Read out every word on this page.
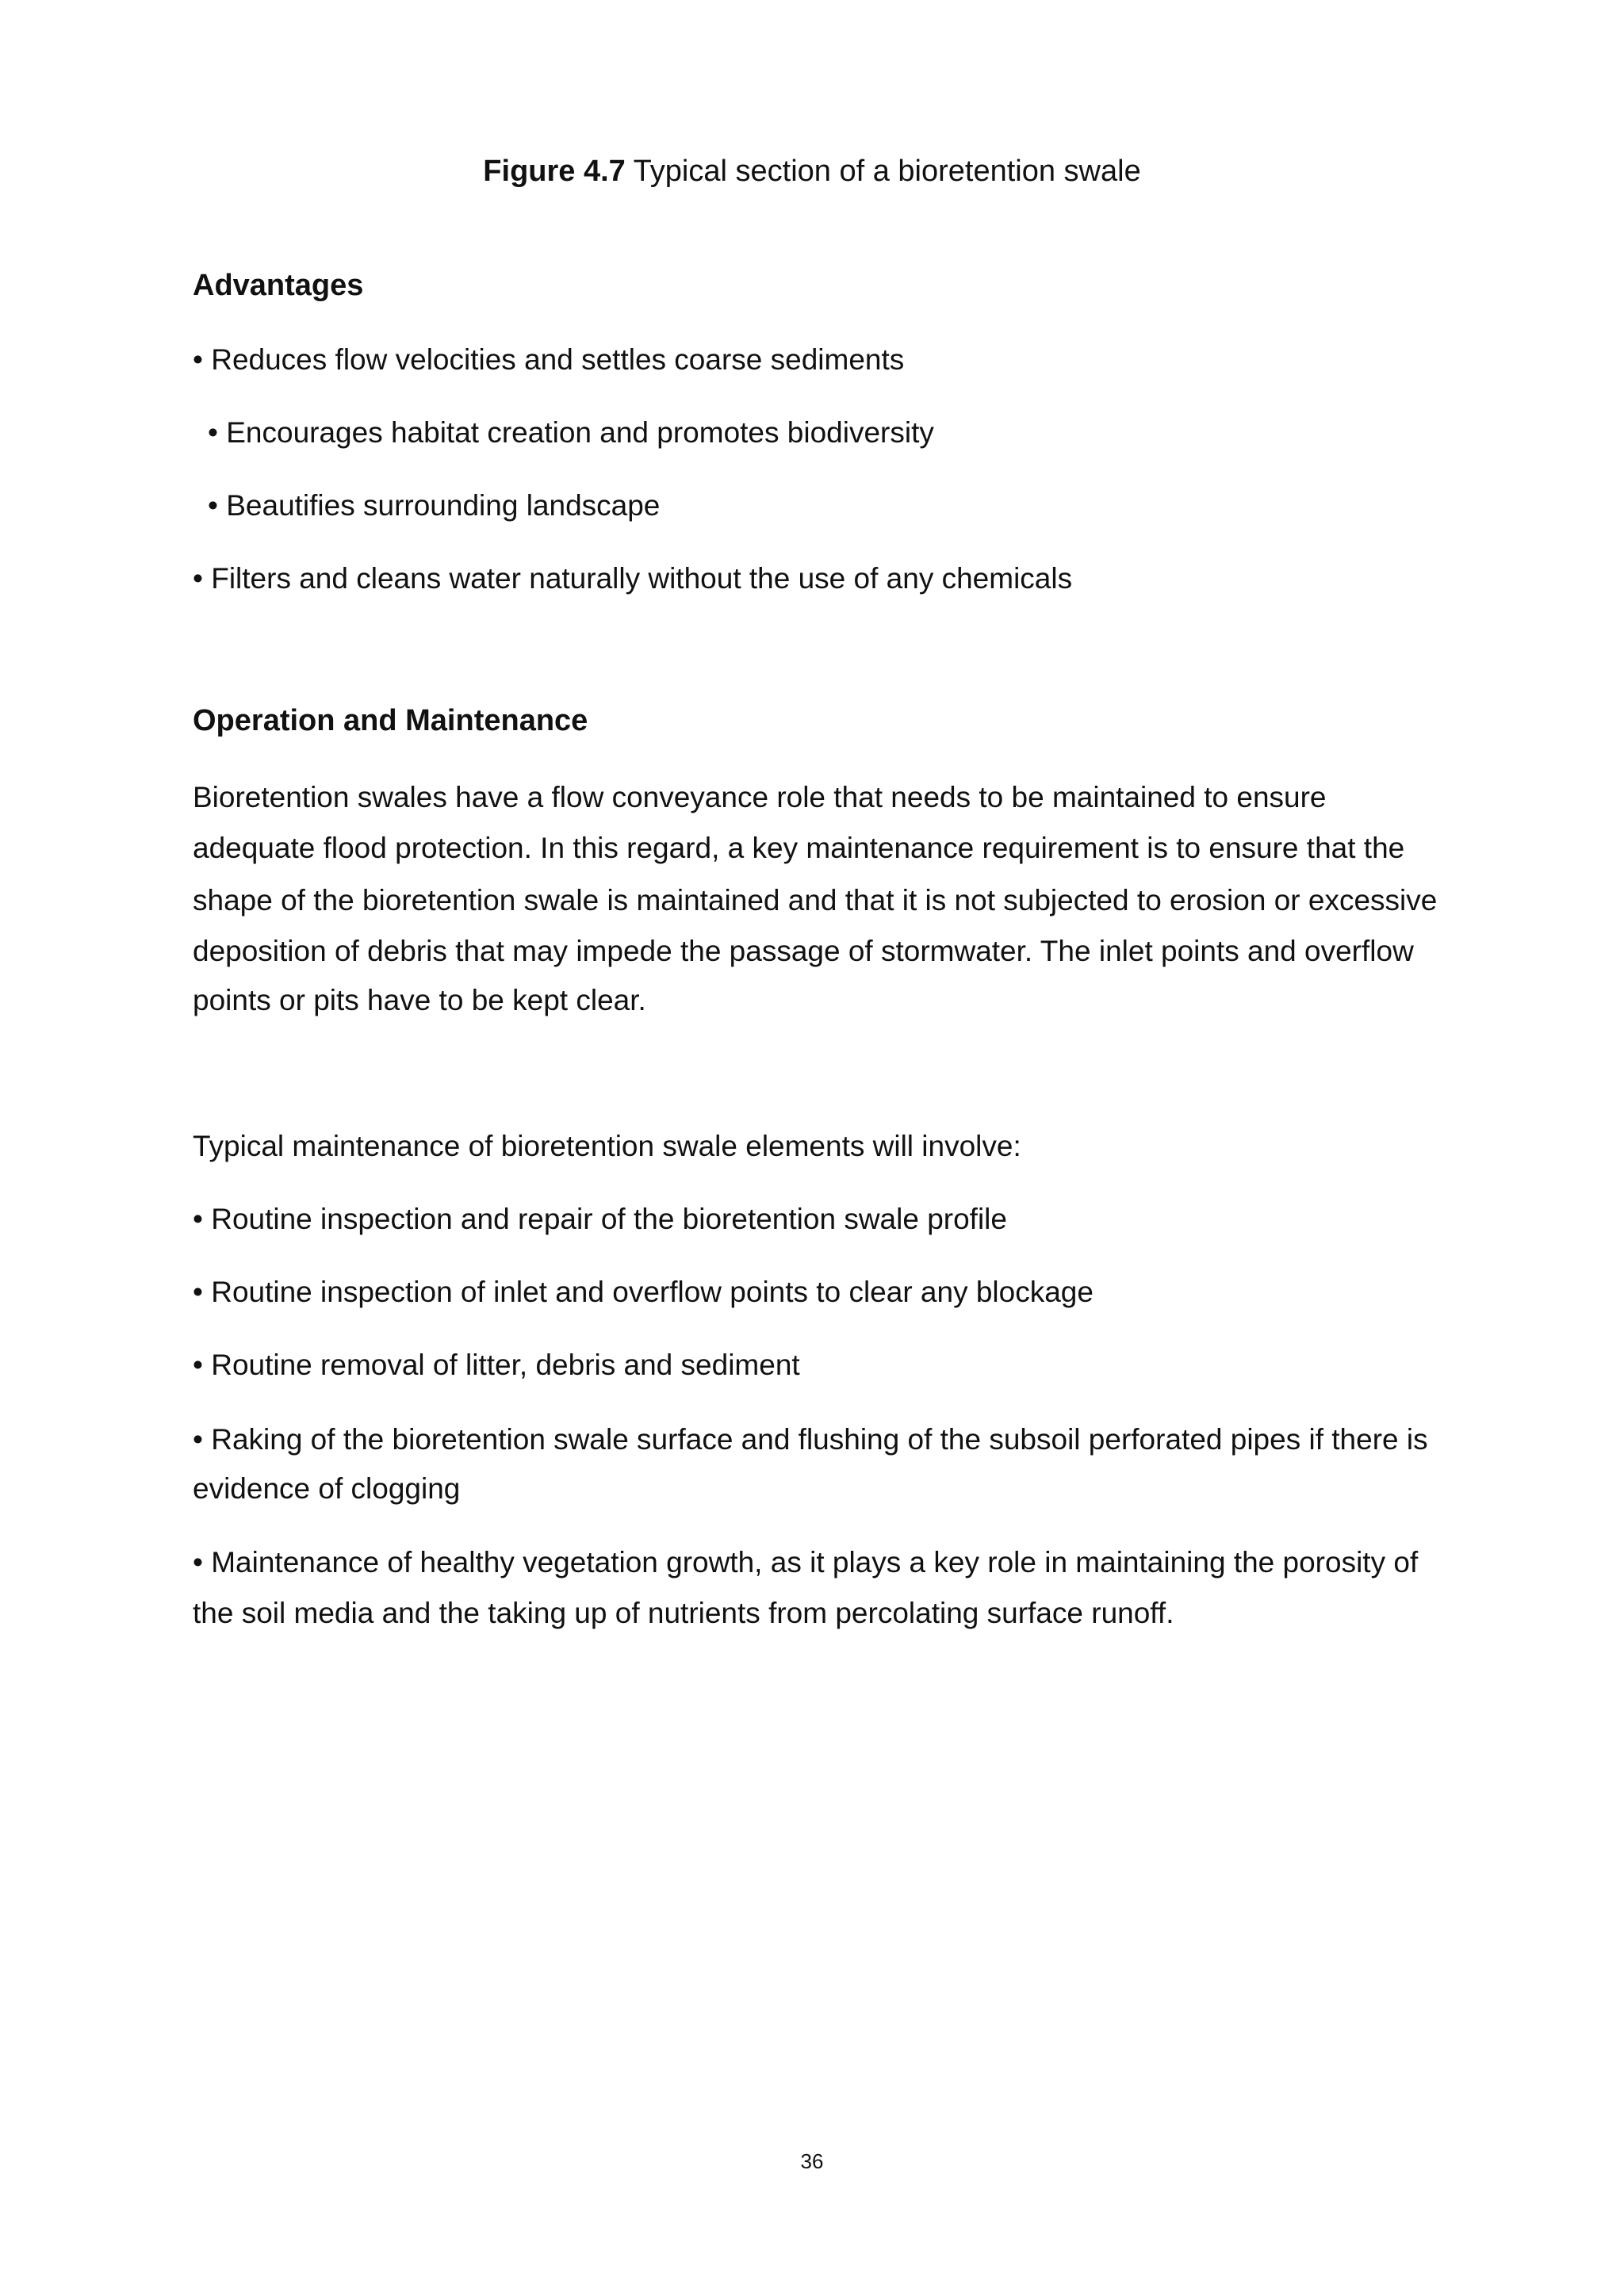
Figure 4.7 Typical section of a bioretention swale
Advantages
• Reduces flow velocities and settles coarse sediments
• Encourages habitat creation and promotes biodiversity
• Beautifies surrounding landscape
• Filters and cleans water naturally without the use of any chemicals
Operation and Maintenance
Bioretention swales have a flow conveyance role that needs to be maintained to ensure
adequate flood protection. In this regard, a key maintenance requirement is to ensure that the
shape of the bioretention swale is maintained and that it is not subjected to erosion or excessive
deposition of debris that may impede the passage of stormwater. The inlet points and overflow
points or pits have to be kept clear.
Typical maintenance of bioretention swale elements will involve:
• Routine inspection and repair of the bioretention swale profile
• Routine inspection of inlet and overflow points to clear any blockage
• Routine removal of litter, debris and sediment
• Raking of the bioretention swale surface and flushing of the subsoil perforated pipes if there is
evidence of clogging
• Maintenance of healthy vegetation growth, as it plays a key role in maintaining the porosity of
the soil media and the taking up of nutrients from percolating surface runoff.
36
